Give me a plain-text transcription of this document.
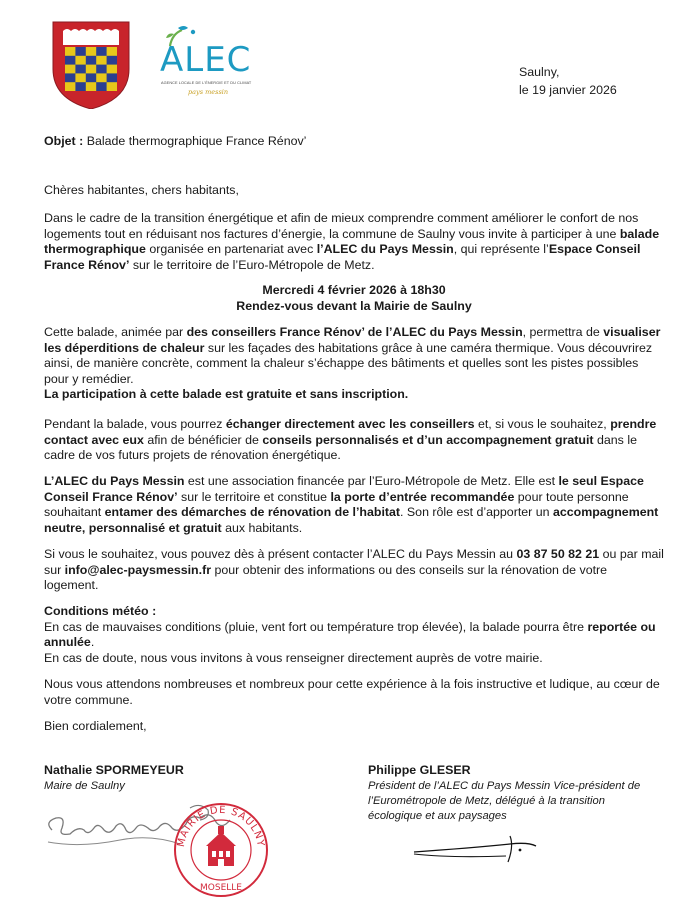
ALEC
AGENCE LOCALE DE L'ÉNERGIE ET DU CLIMAT
pays messin
Saulny,
le 19 janvier 2026

Objet : Balade thermographique France Rénov’

Chères habitantes, chers habitants,

Dans le cadre de la transition énergétique et afin de mieux comprendre comment améliorer le confort de nos logements tout en réduisant nos factures d’énergie, la commune de Saulny vous invite à participer à une balade thermographique organisée en partenariat avec l’ALEC du Pays Messin, qui représente l’Espace Conseil France Rénov’ sur le territoire de l’Euro-Métropole de Metz.

Mercredi 4 février 2026 à 18h30

Rendez-vous devant la Mairie de Saulny

Cette balade, animée par des conseillers France Rénov’ de l’ALEC du Pays Messin, permettra de visualiser les déperditions de chaleur sur les façades des habitations grâce à une caméra thermique. Vous découvrirez ainsi, de manière concrète, comment la chaleur s’échappe des bâtiments et quelles sont les pistes possibles pour y remédier.
La participation à cette balade est gratuite et sans inscription.

Pendant la balade, vous pourrez échanger directement avec les conseillers et, si vous le souhaitez, prendre contact avec eux afin de bénéficier de conseils personnalisés et d’un accompagnement gratuit dans le cadre de vos futurs projets de rénovation énergétique.

L’ALEC du Pays Messin est une association financée par l’Euro-Métropole de Metz. Elle est le seul Espace Conseil France Rénov’ sur le territoire et constitue la porte d’entrée recommandée pour toute personne souhaitant entamer des démarches de rénovation de l’habitat. Son rôle est d’apporter un accompagnement neutre, personnalisé et gratuit aux habitants.

Si vous le souhaitez, vous pouvez dès à présent contacter l’ALEC du Pays Messin au 03 87 50 82 21 ou par mail sur info@alec-paysmessin.fr pour obtenir des informations ou des conseils sur la rénovation de votre logement.

Conditions météo :
En cas de mauvaises conditions (pluie, vent fort ou température trop élevée), la balade pourra être reportée ou annulée.
En cas de doute, nous vous invitons à vous renseigner directement auprès de votre mairie.

Nous vous attendons nombreuses et nombreux pour cette expérience à la fois instructive et ludique, au cœur de votre commune.

Bien cordialement,

Nathalie SPORMEYEUR
Maire de Saulny
MAIRIE DE SAULNY
MOSELLE
Philippe GLESER
Président de l’ALEC du Pays Messin Vice-président de l’Eurométropole de Metz, délégué à la transition écologique et aux paysages
